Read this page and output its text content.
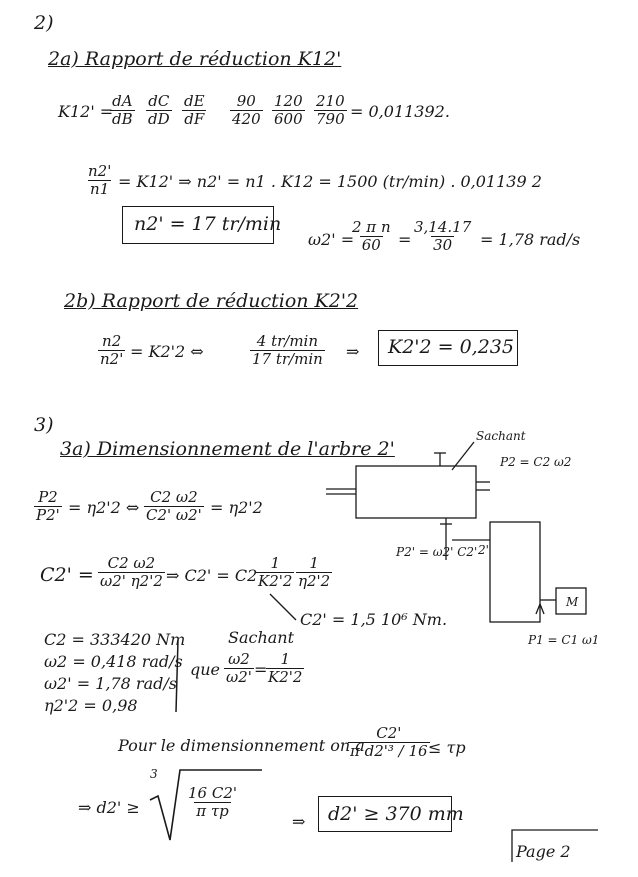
2)
2a) Rapport de réduction K12'
K12' =
$\frac{dA}{dB} \frac{dC}{dD} \frac{dE}{dF} \frac{90}{420} \frac{120}{600} \frac{210}{790} = 0,011392$.
$\frac{n2'}{n1} = K12'$ ⇒ n2' = n1 . K12 = 1500 (tr/min) . 0,01139 2
n2' = 17 tr/min
ω2' =
$\frac{\text{2 π n}}{60} = \frac{3,14.17}{30} = 1,78$ rad/s
2b) Rapport de réduction K2'2
$\frac{n2}{n2'} = K2'2$ ⇔
4 tr/min
17 tr/min ⇒ K2'2 = 0,235
3)
3a) Dimensionnement de l'arbre 2'
$\frac{P2}{P2'} = \eta 2'2$ ⇔ $\frac{C2 \omega 2}{C2' \omega 2'} = \eta 2'2$
$C2' = \frac{C2 \omega 2}{\omega 2' \eta 2'2}$ ⇒ C2' = C2
$\frac{1}{K2'2} \frac{1}{\eta 2'2}$
C2' = 1,5 10⁶ Nm.
C2 = 333420 Nm
ω2 = 0,418 rad/s
ω2' = 1,78 rad/s
η2'2 = 0,98
Sachant
que $\frac{\omega 2}{\omega 2'}$ =
$\frac{1}{K2'2}$
Pour le dimensionnement on a
$\frac{C2'}{\text{π d2'³ / 16}}$
≤ τp
⇒ d2' ≥
3
$\frac{16 C2'}{\text{π τp}}$
⇒ d2' ≥ 370 mm
Page 2
Sachant
P2 = C2 ω2
P2' = ω2' C2' 2'
M
P1 = C1 ω1
